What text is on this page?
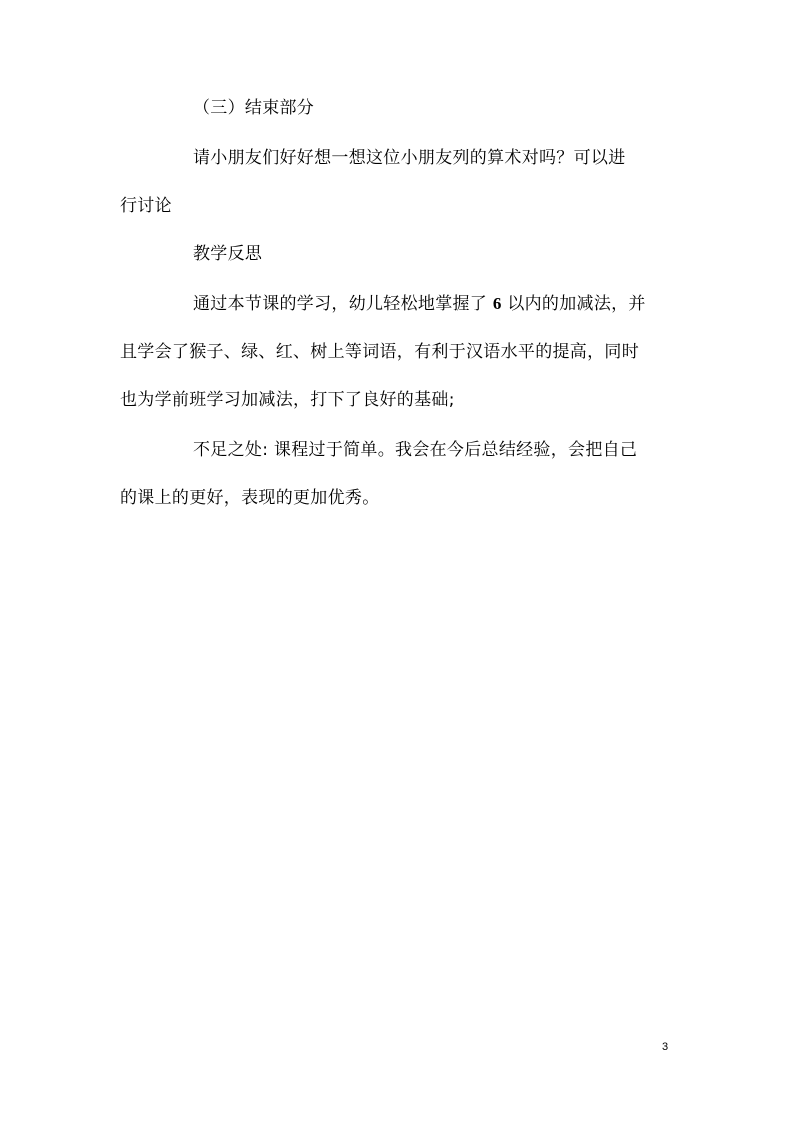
（三）结束部分
请小朋友们好好想一想这位小朋友列的算术对吗？可以进
行讨论
教学反思
通过本节课的学习，幼儿轻松地掌握了 6 以内的加减法，并
且学会了猴子、绿、红、树上等词语，有利于汉语水平的提高，同时
也为学前班学习加减法，打下了良好的基础;
不足之处: 课程过于简单。我会在今后总结经验，会把自己
的课上的更好，表现的更加优秀。
3
